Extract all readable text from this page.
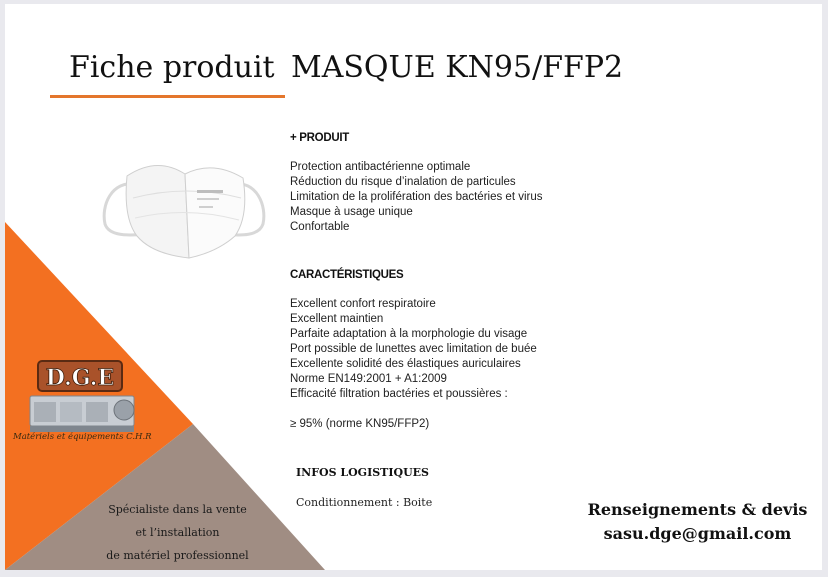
Fiche produit MASQUE KN95/FFP2
+ PRODUIT
Protection antibactérienne optimale
Réduction du risque d’inalation de particules
Limitation de la prolifération des bactéries et virus
Masque à usage unique
Confortable
CARACTÉRISTIQUES
Excellent confort respiratoire
Excellent maintien
Parfaite adaptation à la morphologie du visage
Port possible de lunettes avec limitation de buée
Excellente solidité des élastiques auriculaires
Norme EN149:2001 + A1:2009
Efficacité filtration bactéries et poussières :
≥ 95% (norme KN95/FFP2)
INFOS LOGISTIQUES
Conditionnement : Boite
D.G.E
Matériels et équipements C.H.R
Spécialiste dans la vente
et l’installation
de matériel professionnel
Renseignements & devis
sasu.dge@gmail.com
